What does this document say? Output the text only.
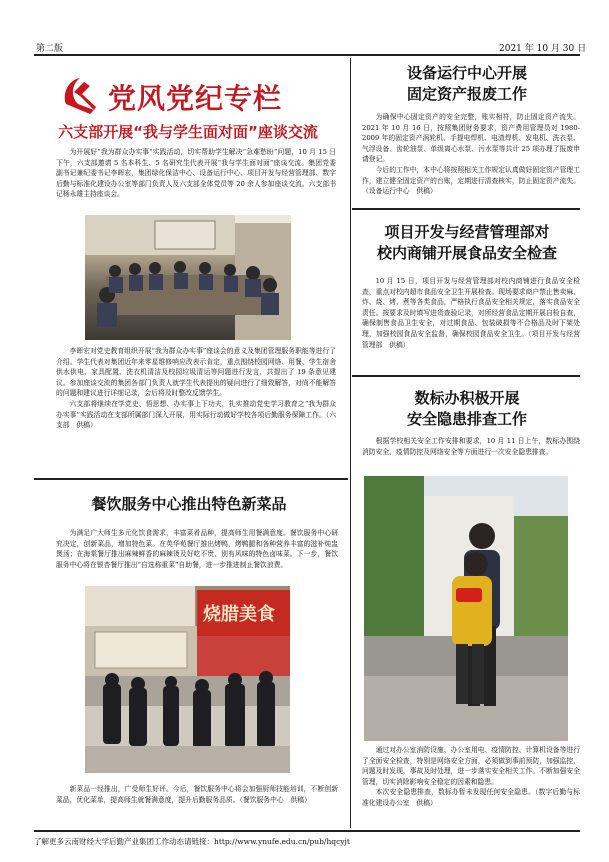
第二版	2021 年 10 月 30 日
党风党纪专栏
六支部开展“我与学生面对面”座谈交流

为开展好“我为群众办实事”实践活动，切实帮助学生解决“急难愁盼”问题，10 月 15 日下午，六支部邀请 5 名本科生、5 名研究生代表开展“我与学生面对面”座谈交流。集团党委副书记兼纪委书记李晖宏，集团绿化保洁中心、设备运行中心、项目开发与经营管理部、数字后勤与标准化建设办公室等部门负责人及六支部全体党员等 20 余人参加座谈交流。六支部书记杨永雄主持座谈会。

李晖宏对党史教育组织开展“我为群众办实事”座谈会的意义及集团管理服务职能等进行了介绍。学生代表对集团近年来零星维修响应改表示肯定，重点围绕校园网络、用餐、学生宿舍供水供电、家具配置、洗衣机清洁及校园垃圾清运等问题进行发言，共提出了 19 条意见建议。参加座谈交流的集团各部门负责人就学生代表提出的疑问进行了细致解答，对尚不能解答的问题和建议进行详细记录，会后将及时整改反馈学生。

六支部将继续在学党史、悟思想、办实事上下功夫，扎实推动党史学习教育之“我为群众办实事”实践活动在支部所属部门深入开展，用实际行动做好学校各项后勤服务保障工作。（六支部　供稿）

餐饮服务中心推出特色新菜品

为满足广大师生多元化饮食需求，丰富菜肴品种，提高师生用餐满意度。餐饮服务中心研究决定，创新菜品，增加特色菜。在英华苑餐厅推出烤鸭，烤鸭腿和各种营养丰富的滋补炖盅煲汤；在海棠餐厅推出麻辣鲜香的麻辣烫及好吃不贵、别有风味的特色卤味菜。下一步，餐饮服务中心将在银杏餐厅推出“自选称重菜”自助餐，进一步推进制止餐饮浪费。

烧腊美食

新菜品一经推出，广受师生好评。今后，餐饮服务中心将会加强厨师技能培训，不断创新菜品，优化菜单，提高师生就餐满意度，提升后勤服务品质。（餐饮服务中心　供稿）

设备运行中心开展
固定资产报废工作

为确保中心固定资产的安全完整，账实相符，防止固定资产流失。2021 年 10 月 16 日，按照集团财务要求，资产费用管理员对 1980-2009 年的固定资产涡轮机、手提电焊机、电渣焊机、发电机、洗衣泵、气浮设备、齿轮油泵、单级离心水泵、污水泵等共计 25 项办理了报废申请登记。

今后的工作中，本中心将按照相关工作规定认真做好固定资产管理工作，建立健全固定资产的台账，定期进行清查核实，防止固定资产流失。（设备运行中心　供稿）

项目开发与经营管理部对
校内商铺开展食品安全检查

10 月 15 日，项目开发与经营管理部对校内商铺进行食品安全检查，重点对校内超市食品安全卫生开展检查。现场要求商户禁止售卖麻、炸、烧、烤、煮等各类食品，严格执行食品安全相关规定，落实食品安全责任。按要求及时填写进货查验记录，对所经营食品定期开展自检自查，确保制售食品卫生安全，对过期食品、包装破损等不合格品及时下架处理，加强校园食品安全监督，确保校园食品安全卫生。（项目开发与经营管理部　供稿）

数标办积极开展
安全隐患排查工作

根据学校相关安全工作安排和要求，10 月 11 日上午，数标办围绕消防安全、疫情防控及网络安全等方面进行一次安全隐患排查。

通过对办公室消防设施、办公室用电、疫情防控、计算机设备等进行了全面安全检查，特别是网络安全方面，必须做到事前预防，加强监控，问题及时发现，事故及时处理，进一步落实安全相关工作。不断加强安全管理，切实消除影响安全稳定的因素和隐患。

本次安全隐患排查，数标办暂未发现任何安全隐患。（数字后勤与标准化建设办公室　供稿）

了解更多云南财经大学后勤产业集团工作动态请链接：http://www.ynufe.edu.cn/pub/hqcyjt
